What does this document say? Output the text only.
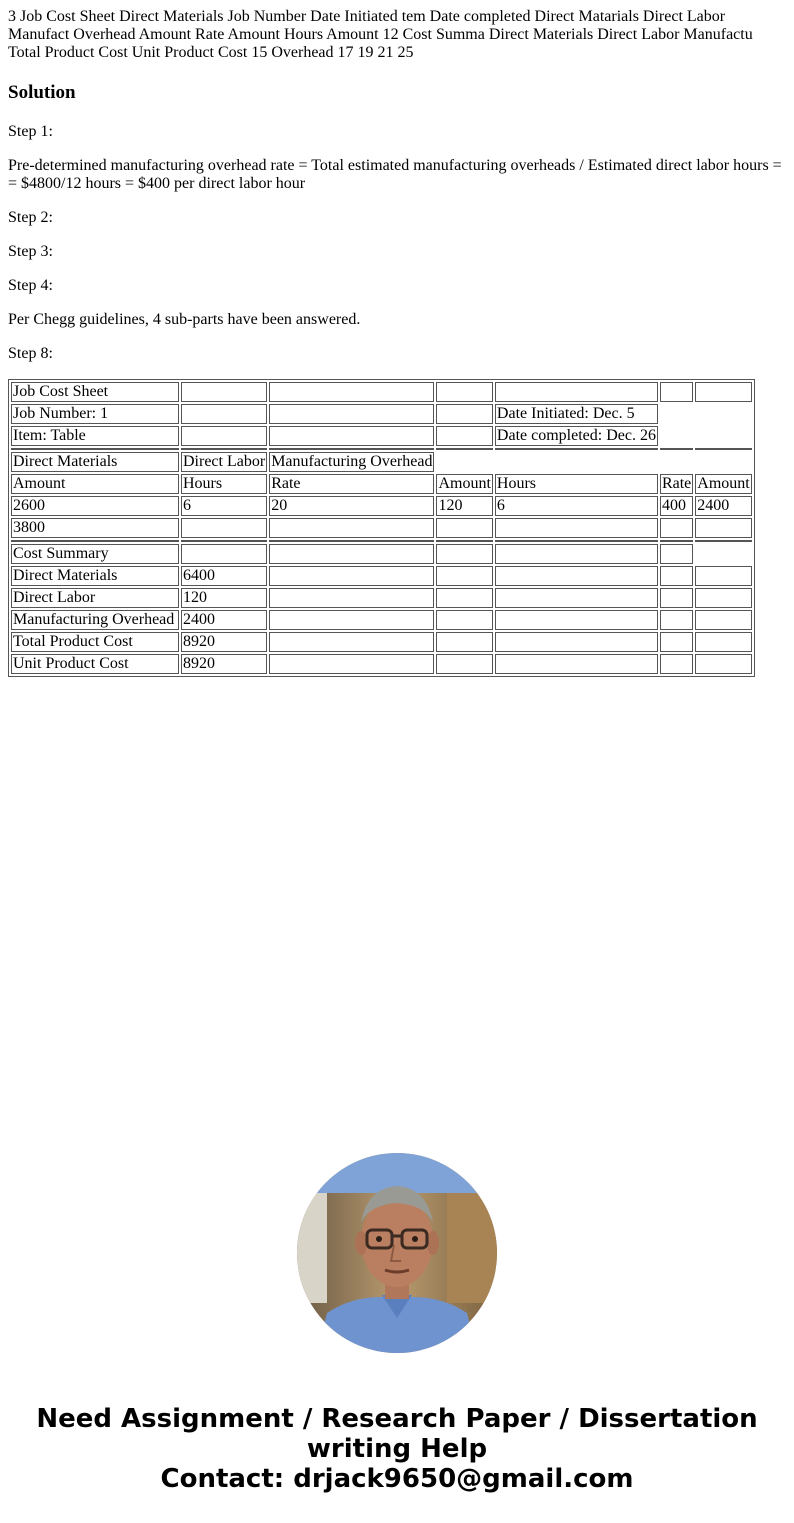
3 Job Cost Sheet Direct Materials Job Number Date Initiated tem Date completed Direct Matarials Direct Labor Manufact Overhead Amount Rate Amount Hours Amount 12 Cost Summa Direct Materials Direct Labor Manufactu Total Product Cost Unit Product Cost 15 Overhead 17 19 21 25
Solution

Step 1:

Pre-determined manufacturing overhead rate = Total estimated manufacturing overheads / Estimated direct labor hours = = $4800/12 hours = $400 per direct labor hour

Step 2:

Step 3:

Step 4:

Per Chegg guidelines, 4 sub-parts have been answered.

Step 8:

Job Cost Sheet						
Job Number: 1				Date Initiated: Dec. 5		
Item: Table				Date completed: Dec. 26		

Direct Materials	Direct Labor	Manufacturing Overhead				
Amount	Hours	Rate	Amount	Hours	Rate	Amount
2600	6	20	120	6	400	2400
3800						

Cost Summary						
Direct Materials	6400					
Direct Labor	120					
Manufacturing Overhead	2400					
Total Product Cost	8920					
Unit Product Cost	8920					
Need Assignment / Research Paper / Dissertation
writing Help
Contact: drjack9650@gmail.com
